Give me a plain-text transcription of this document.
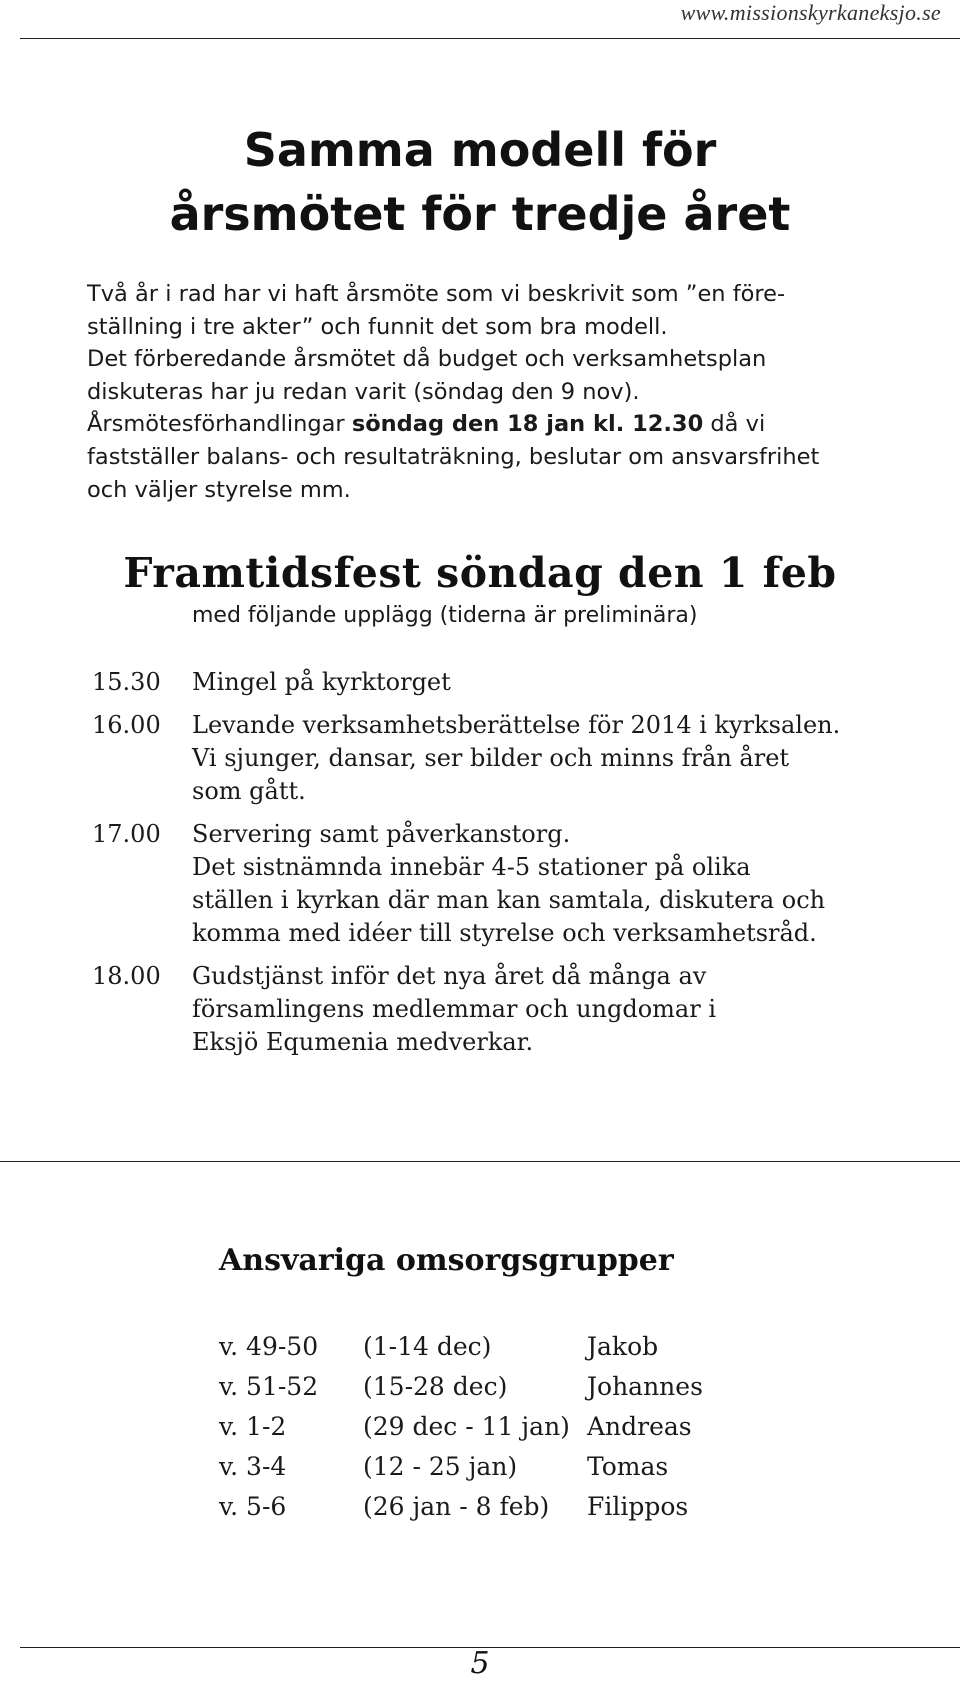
www.missionskyrkaneksjo.se
Samma modell för
årsmötet för tredje året

Två år i rad har vi haft årsmöte som vi beskrivit som ”en före-

ställning i tre akter” och funnit det som bra modell.

Det förberedande årsmötet då budget och verksamhetsplan

diskuteras har ju redan varit (söndag den 9 nov).

Årsmötesförhandlingar söndag den 18 jan kl. 12.30 då vi

fastställer balans- och resultaträkning, beslutar om ansvarsfrihet

och väljer styrelse mm.

Framtidsfest söndag den 1 feb
med följande upplägg (tiderna är preliminära)
15.30	Mingel på kyrktorget
16.00	Levande verksamhetsberättelse för 2014 i kyrksalen.
Vi sjunger, dansar, ser bilder och minns från året
som gått.
17.00	Servering samt påverkanstorg.
Det sistnämnda innebär 4-5 stationer på olika
ställen i kyrkan där man kan samtala, diskutera och
komma med idéer till styrelse och verksamhetsråd.
18.00	Gudstjänst inför det nya året då många av
församlingens medlemmar och ungdomar i
Eksjö Equmenia medverkar.
Ansvariga omsorgsgrupper
v. 49-50	(1-14 dec)	Jakob
v. 51-52	(15-28 dec)	Johannes
v. 1-2	(29 dec - 11 jan) Andreas
v. 3-4	(12 - 25 jan)	Tomas
v. 5-6	(26 jan - 8 feb)	Filippos
5
